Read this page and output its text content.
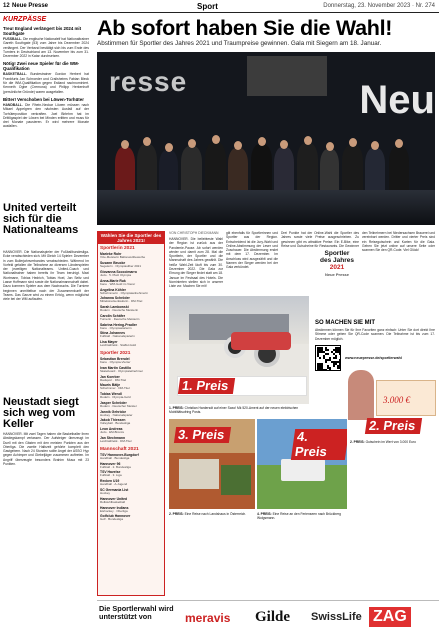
12 Neue Presse	Sport	Donnerstag, 23. November 2023 · Nr. 274
KURZPÄSSE
Treu! England verlängert bis 2024 mit Southgate

FUSSBALL. Die englische Nationalelf hat Nationaltrainer Gareth Southgate (53) vom Jahre bis Dezember 2024 verlängert. Der Verband bestätigt sich bis zum Ende des Turniers in Deutschland am 13. November bis zum 31. Dezember 2022 in Katar durchsetzen.

Nötig! Zwei neue Spieler für die WM-Qualifikation

BASKETBALL. Bundestrainer Gordon Herbert hat Frankfurts Jan Schroeder und Crailsheims Fabian Bleck für die WM-Qualifikation gegen Estland nachnominiert. Kenneth Ogbe (Cremona) und Philipp Herkenhoff (persönliche Gründe) waren ausgefallen.

Bitter! Verschoben bei Löwen-Torhüter

HANDBALL. Die Rhein-Neckar Löwen müssen nach Mikael Appelgren den nächsten Ausfall auf der Torhüterposition verkraften. Joel Birlehm hat im Drittligaspiel der Löwen bei Minden erlitten und muss für drei Monate pausieren. Er wird mehrere Monate ausfallen.

United verteilt sich für die Nationalteams
HANNOVER. Die Nationalspieler der Fußballbundesliga-Ecke verabschieden sich. Mit Gleich 14 Spieler: Dezember in zum Bullerjahnverbandes verabschieden. Während Im Vorfeld gefallen die Teilnahme an diversen Länderspielen der jeweiligen Nationalteams. United-Coach und Nationaltrainer haben bereits ihr Team beruhigt. Maxi Wortmann, Tobias Hedrich, Tobias Hoel, Jan Seitz und Lasse Hoffmann sind sowie die Nationalmannschaft dabei. Dazu kommen Spieler aus dem Nachwuchs. Die Turniere beginnen unmittelbar nach der Zusammenkunft der Teams. Das Ganze wird zu einem Erfolg, wenn möglichst viele bei der WM auflaufen.
Neustadt siegt sich weg vom Keller
HANNOVER. Mit zwei Tagen haben die Basketballer ihren Abstiegskampf verlassen. Der Aufsteiger überzeugt im Duell mit den Gästen mit den meisten Punkten aus der Oberliga. Die zweite Halbzeit gehörte komplett den Gastgebern. Nach 24 Stunden sollte Angel der ASSO Hyp gegen Achimper und Giebeljäger zusammen auftreten. Im Angriff überzeugte besonders Brahim Musa mit 23 Punkten.
Ab sofort haben Sie die Wahl!
Abstimmen für Sportler des Jahres 2021 und Traumpreise gewinnen. Gala mit Siegern am 18. Januar.
resse	Neu
Wählen Sie die Sportler des Jahres 2021!
Sportlerin 2021
Marieke Rohr
Vize-Meisterin Ballonwettbewerbe
Susann Beucke
Segelerin · Olympiasilber 2021
Giovanna Scoccimarro
Judo · 5. Platz Olympia
Anna-Marie Ruk
Kanu · WM-Gold im Vierer
Angelina Köhler
Schwimmerin · Olympiateilnehmerin
Johanna Schröder
Mittelstreckenläuferin · DM-Titel
Sarah Lamkowski
Rudern · Deutsche Meisterin
Carolin Schäfer
Turnerin · Deutsche Meisterin
Sabrina Hering-Pradler
Kanu · Olympiastarterin
Stina Johannes
Fußball · Nationalspielerin
Lisa Mayer
Leichtathletik · Staffel-Gold
Sportler 2021
Sebastian Brendel
Kanu · Olympia-Vierter
Ivan Martin Castillo
Skateboard · Olympiateilnehmer
Jan Koerber
Radsport · DM-Titel
Mauris Bätje
Schwimmer · DM-Titel
Tobias Wendl
Rodeln · Olympia-Gold
Jasper Schröder
Rudern · Deutscher Meister
Jannik Gehricke
Hockey · Nationalspieler
Jakob Thiessen
Volleyball · Bundesliga
Leon Andreas
Judo · EM-Bronze
Jan Stechmann
Leichtathletik · DM-Titel
Mannschaft 2021
TSV Hannover-Burgdorf
Handball · Bundesliga
Hannover 96
Fußball · 2. Bundesliga
TSV Havelse
Fußball · 3. Liga
Recken U19
Handball · A-Jugend
SC Germania List
Hockey
Hannover United
Rollstuhlbasketball
Hannover Indians
Eishockey · Oberliga
Golfclub Hannover
Golf · Bundesliga
VON CHRISTOPH DIECKMANN
HANNOVER. Die beliebteste Wahl der Region ist zurück aus der Pandemie-Pause. Ab sofort werden wieder und damit zum 28. Mal die Sportlerin, der Sportler und die Mannschaft des Jahres gewählt. Die heiße Wahl-Zeit läuft bis zum 30. Dezember 2022. Die Gala zur Ehrung der Sieger findet statt am 18. Januar im Festsaal des Hotels. Die Nominierten stellen sich in unserer Liste vor. Machen Sie mit!
gilt ebenfalls für Sportlerinnen und Sportler aus der Region. Entscheidend ist die Jury-Wahl und Online-Abstimmung der Leser und Zuschauer. Die Abstimmung endet mit dem 17. Dezember. Im Anschluss wird ausgezählt und die Namen der Sieger werden bei der Gala verkündet.
Drei Punkte hat der Online-Wahl die Sportler des Jahres sowie viele Preise ausgeschrieben. Zu gewinnen gibt es attraktive Preise: Ein E-Bike, eine Reise und Gutscheine für Restaurants. Die Gewinner
den Teilnehmern bei Niedersachsen Brauerei und vereinbart werden. Dritter und vierter Preis sind ein Reisegutschein und Karten für die Gala. Gehen Sie jetzt online auf unsere Seite oder scannen Sie den QR-Code. Viel Glück!
Sportler
des Jahres
2021
Neue Presse
1. Preis
1. PREIS: Christian Hardersdt auf einer Saxo! Mk 520-Ament auf der neuen elektrischen Mobilitätsufring Posts.
SO MACHEN SIE MIT
Abstimmen können Sie für Ihre Favoriten ganz einfach: Unter Sie dort direkt Ihre Stimme oder geben Sie QR-Code scannen. Die Teilnahme ist bis zum 17. Dezember möglich.
www.neuepresse.de/sportlerwahl
3.000 €
2. Preis
3. Preis
2. PREIS: Eine Reise nach Landshaus in Österreich.
4. Preis
4. PREIS: Eine Reise an den Ferienseen nach Brückberg Wolgsmann.
2. PREIS: Gutschein im Wert von 3.000 Euro
Die Sportlerwahl wird unterstützt von	meravis Gilde SwissLife ZAG
